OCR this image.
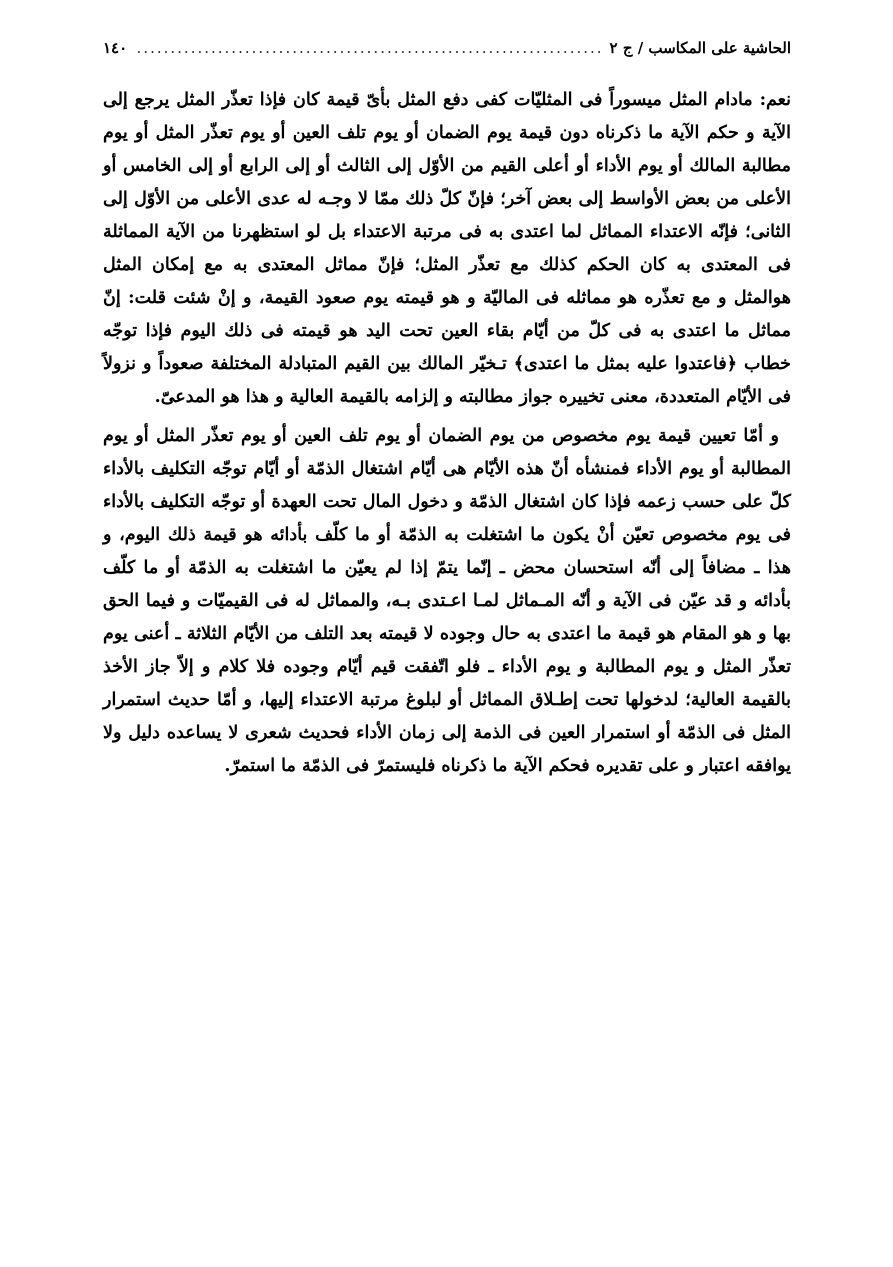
الحاشية على المكاسب / ج ٢
.....
١٤٠

نعم: مادام المثل ميسوراً فى المثليّات كفى دفع المثل بأىّ قيمة كان فإذا تعذّر المثل يرجع إلى الآية و حكم الآية ما ذكرناه دون قيمة يوم الضمان أو يوم تلف العين أو يوم تعذّر المثل أو يوم مطالبة المالك أو يوم الأداء أو أعلى القيم من الأوّل إلى الثالث أو إلى الرابع أو إلى الخامس أو الأعلى من بعض الأواسط إلى بعض آخر؛ فإنّ كلّ ذلك ممّا لا وجـه له عدى الأعلى من الأوّل إلى الثانى؛ فإنّه الاعتداء المماثل لما اعتدى به فى مرتبة الاعتداء بل لو استظهرنا من الآية المماثلة فى المعتدى به كان الحكم كذلك مع تعذّر المثل؛ فإنّ مماثل المعتدى به مع إمكان المثل هوالمثل و مع تعذّره هو مماثله فى الماليّة و هو قيمته يوم صعود القيمة، و إنْ شئت قلت: إنّ مماثل ما اعتدى به فى كلّ من أيّام بقاء العين تحت اليد هو قيمته فى ذلك اليوم فإذا توجّه خطاب ﴿فاعتدوا عليه بمثل ما اعتدى﴾ تـخيّر المالك بين القيم المتبادلة المختلفة صعوداً و نزولاً فى الأيّام المتعددة، معنى تخييره جواز مطالبته و إلزامه بالقيمة العالية و هذا هو المدعىّ.

و أمّا تعيين قيمة يوم مخصوص من يوم الضمان أو يوم تلف العين أو يوم تعذّر المثل أو يوم المطالبة أو يوم الأداء فمنشأه أنّ هذه الأيّام هى أيّام اشتغال الذمّة أو أيّام توجّه التكليف بالأداء كلّ على حسب زعمه فإذا كان اشتغال الذمّة و دخول المال تحت العهدة أو توجّه التكليف بالأداء فى يوم مخصوص تعيّن أنْ يكون ما اشتغلت به الذمّة أو ما كلّف بأدائه هو قيمة ذلك اليوم، و هذا ـ مضافاً إلى أنّه استحسان محض ـ إنّما يتمّ إذا لم يعيّن ما اشتغلت به الذمّة أو ما كلّف بأدائه و قد عيّن فى الآية و أنّه المـماثل لمـا اعـتدى بـه، والمماثل له فى القيميّات و فيما الحق بها و هو المقام هو قيمة ما اعتدى به حال وجوده لا قيمته بعد التلف من الأيّام الثلاثة ـ أعنى يوم تعذّر المثل و يوم المطالبة و يوم الأداء ـ فلو اتّفقت قيم أيّام وجوده فلا كلام و إلاّ جاز الأخذ بالقيمة العالية؛ لدخولها تحت إطـلاق المماثل أو لبلوغ مرتبة الاعتداء إليها، و أمّا حديث استمرار المثل فى الذمّة أو استمرار العين فى الذمة إلى زمان الأداء فحديث شعرى لا يساعده دليل ولا يوافقه اعتبار و على تقديره فحكم الآية ما ذكرناه فليستمرّ فى الذمّة ما استمرّ.
